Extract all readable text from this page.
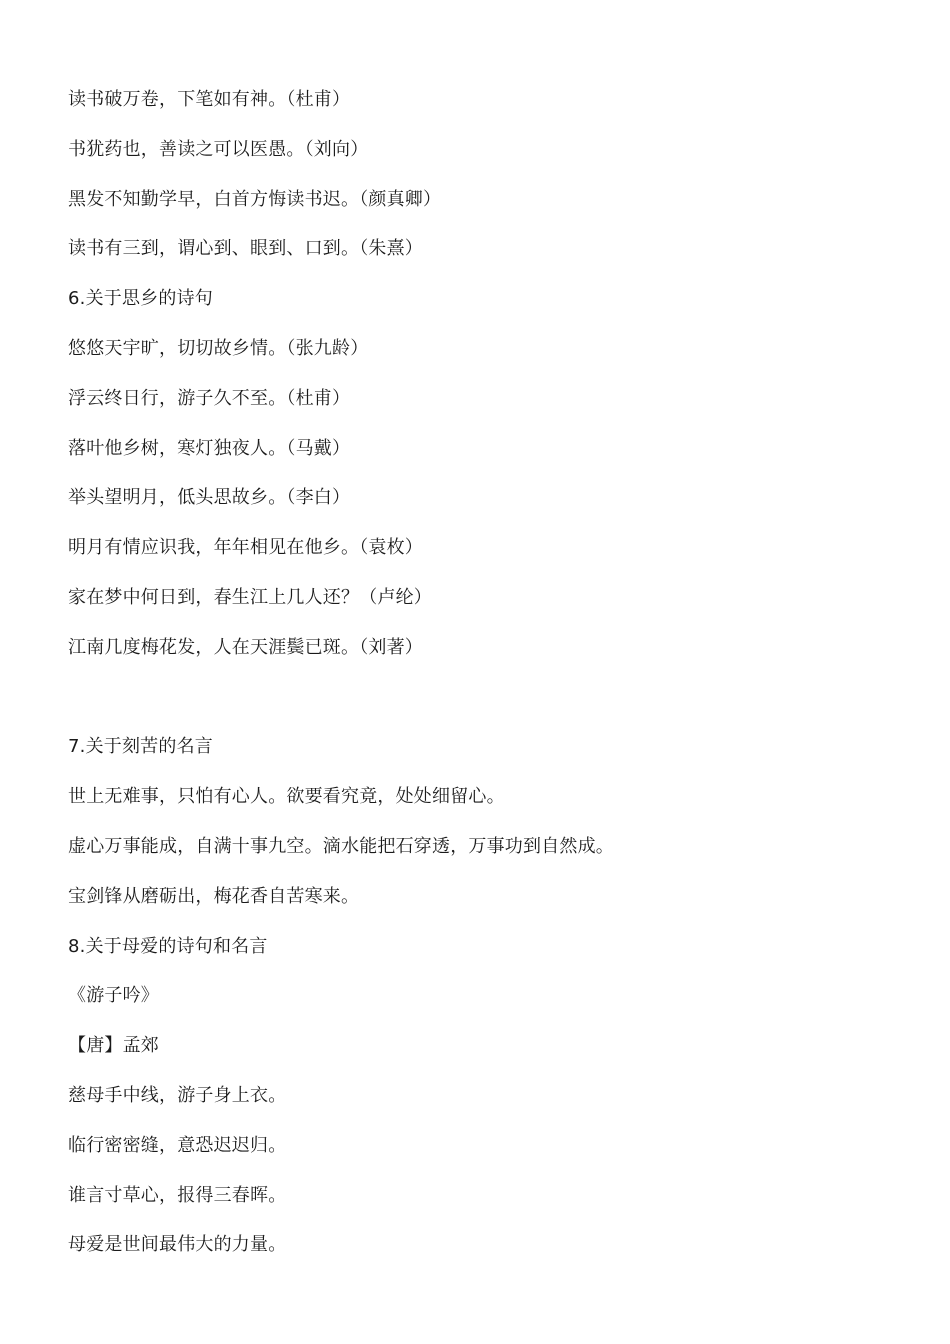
读书破万卷，下笔如有神。（杜甫）
书犹药也，善读之可以医愚。（刘向）
黑发不知勤学早，白首方悔读书迟。（颜真卿）
读书有三到，谓心到、眼到、口到。（朱熹）
6.关于思乡的诗句
悠悠天宇旷，切切故乡情。（张九龄）
浮云终日行，游子久不至。（杜甫）
落叶他乡树，寒灯独夜人。（马戴）
举头望明月，低头思故乡。（李白）
明月有情应识我，年年相见在他乡。（袁枚）
家在梦中何日到，春生江上几人还？（卢纶）
江南几度梅花发，人在天涯鬓已斑。（刘著）
7.关于刻苦的名言
世上无难事，只怕有心人。欲要看究竟，处处细留心。
虚心万事能成，自满十事九空。滴水能把石穿透，万事功到自然成。
宝剑锋从磨砺出，梅花香自苦寒来。
8.关于母爱的诗句和名言
《游子吟》
【唐】孟郊
慈母手中线，游子身上衣。
临行密密缝，意恐迟迟归。
谁言寸草心，报得三春晖。
母爱是世间最伟大的力量。
